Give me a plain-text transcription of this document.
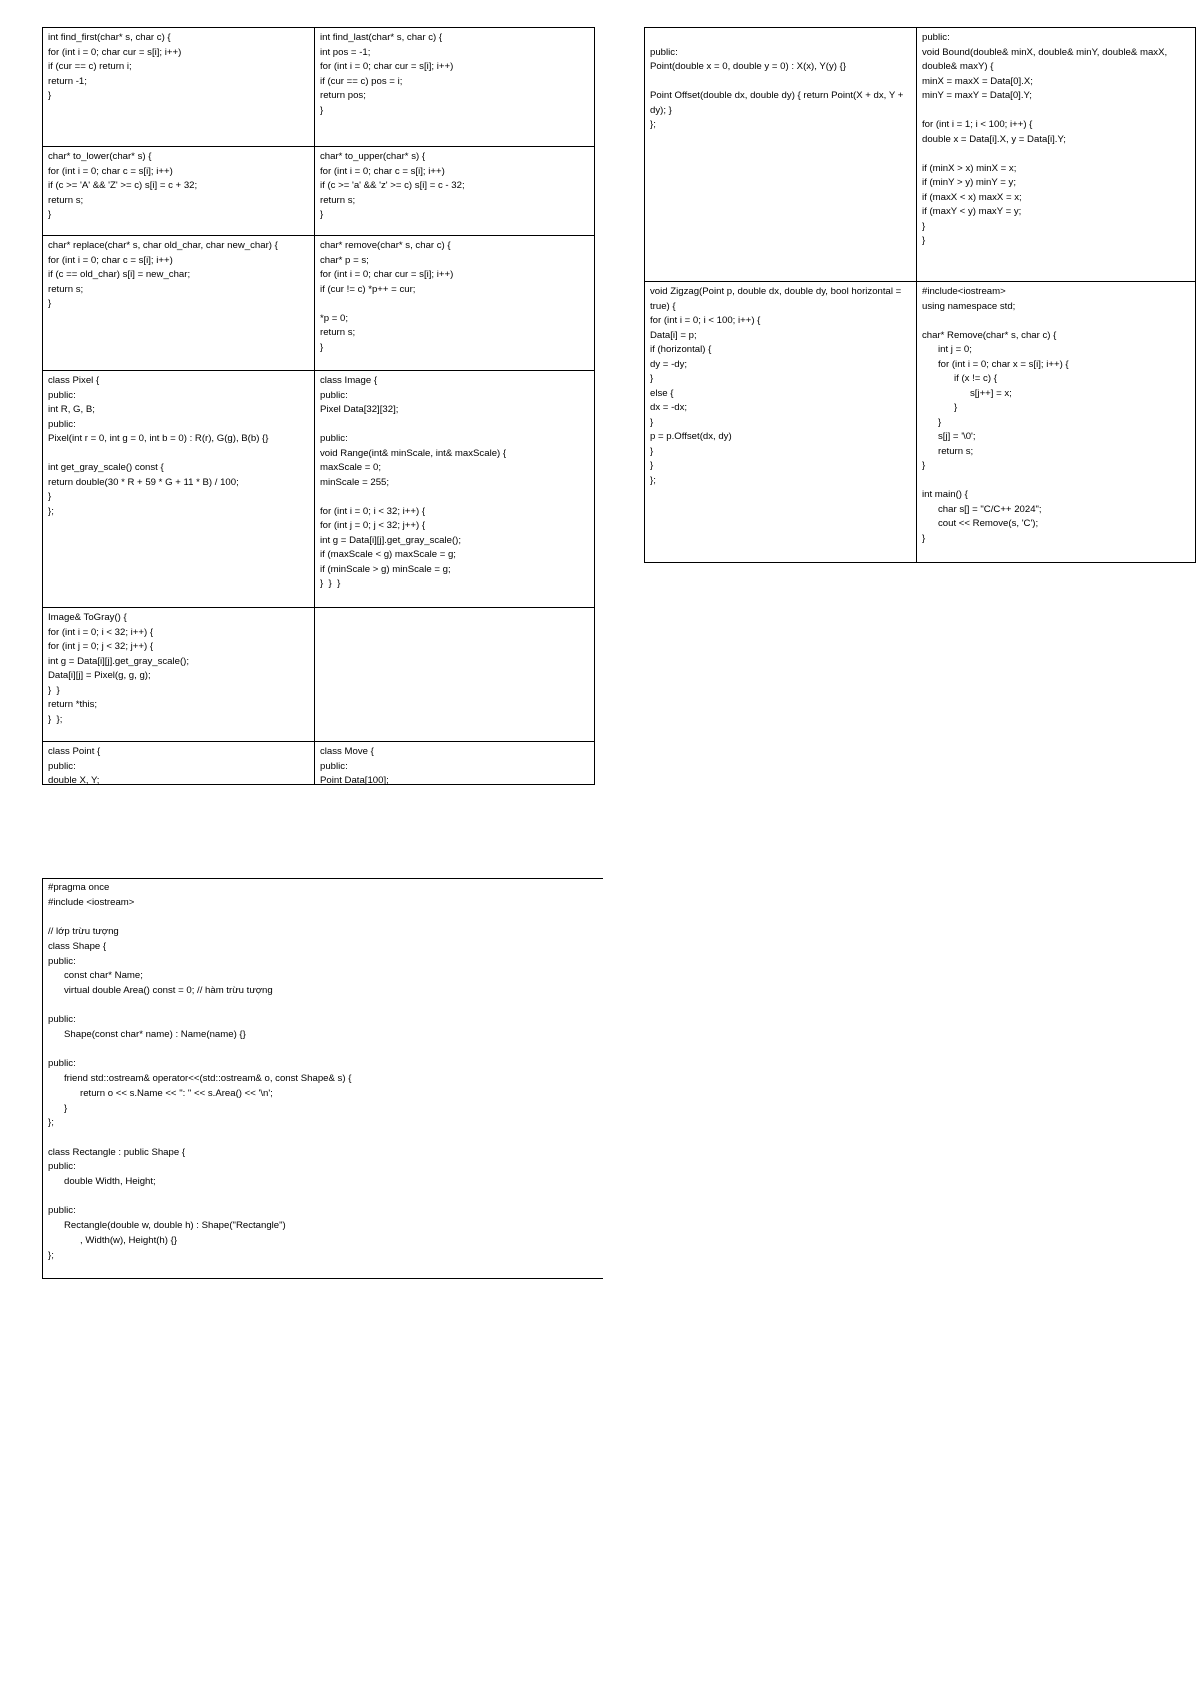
int find_first(char* s, char c) {
for (int i = 0; char cur = s[i]; i++)
if (cur == c) return i;
return -1;
}
int find_last(char* s, char c) {
int pos = -1;
for (int i = 0; char cur = s[i]; i++)
if (cur == c) pos = i;
return pos;
}
char* to_lower(char* s) {
for (int i = 0; char c = s[i]; i++)
if (c >= 'A' && 'Z' >= c) s[i] = c + 32;
return s;
}
char* to_upper(char* s) {
for (int i = 0; char c = s[i]; i++)
if (c >= 'a' && 'z' >= c) s[i] = c - 32;
return s;
}
char* replace(char* s, char old_char, char new_char) {
for (int i = 0; char c = s[i]; i++)
if (c == old_char) s[i] = new_char;
return s;
}
char* remove(char* s, char c) {
char* p = s;
for (int i = 0; char cur = s[i]; i++)
if (cur != c) *p++ = cur;

*p = 0;
return s;
}
class Pixel {
public:
int R, G, B;
public:
Pixel(int r = 0, int g = 0, int b = 0) : R(r), G(g), B(b) {}

int get_gray_scale() const {
return double(30 * R + 59 * G + 11 * B) / 100;
}
};
class Image {
public:
Pixel Data[32][32];

public:
void Range(int& minScale, int& maxScale) {
maxScale = 0;
minScale = 255;

for (int i = 0; i < 32; i++) {
for (int j = 0; j < 32; j++) {
int g = Data[i][j].get_gray_scale();
if (maxScale < g) maxScale = g;
if (minScale > g) minScale = g;
}  }  }
Image& ToGray() {
for (int i = 0; i < 32; i++) {
for (int j = 0; j < 32; j++) {
int g = Data[i][j].get_gray_scale();
Data[i][j] = Pixel(g, g, g);
}  }
return *this;
}  };
class Point {
public:
double X, Y;
class Move {
public:
Point Data[100];

public:
Point(double x = 0, double y = 0) : X(x), Y(y) {}

Point Offset(double dx, double dy) { return Point(X + dx, Y + dy); }
};
public:
void Bound(double& minX, double& minY, double& maxX, double& maxY) {
minX = maxX = Data[0].X;
minY = maxY = Data[0].Y;

for (int i = 1; i < 100; i++) {
double x = Data[i].X, y = Data[i].Y;

if (minX > x) minX = x;
if (minY > y) minY = y;
if (maxX < x) maxX = x;
if (maxY < y) maxY = y;
}
}
void Zigzag(Point p, double dx, double dy, bool horizontal = true) {
for (int i = 0; i < 100; i++) {
Data[i] = p;
if (horizontal) {
dy = -dy;
}
else {
dx = -dx;
}
p = p.Offset(dx, dy)
}
}
};
#include<iostream>
using namespace std;

char* Remove(char* s, char c) {
int j = 0;
for (int i = 0; char x = s[i]; i++) {
if (x != c) {
s[j++] = x;
}
}
s[j] = '\0';
return s;
}

int main() {
char s[] = "C/C++ 2024";
cout << Remove(s, 'C');
}
#pragma once
#include <iostream>

// lớp trừu tượng
class Shape {
public:
const char* Name;
virtual double Area() const = 0; // hàm trừu tượng

public:
Shape(const char* name) : Name(name) {}

public:
friend std::ostream& operator<<(std::ostream& o, const Shape& s) {
return o << s.Name << ": " << s.Area() << '\n';
}
};

class Rectangle : public Shape {
public:
double Width, Height;

public:
Rectangle(double w, double h) : Shape("Rectangle")
, Width(w), Height(h) {}
};
